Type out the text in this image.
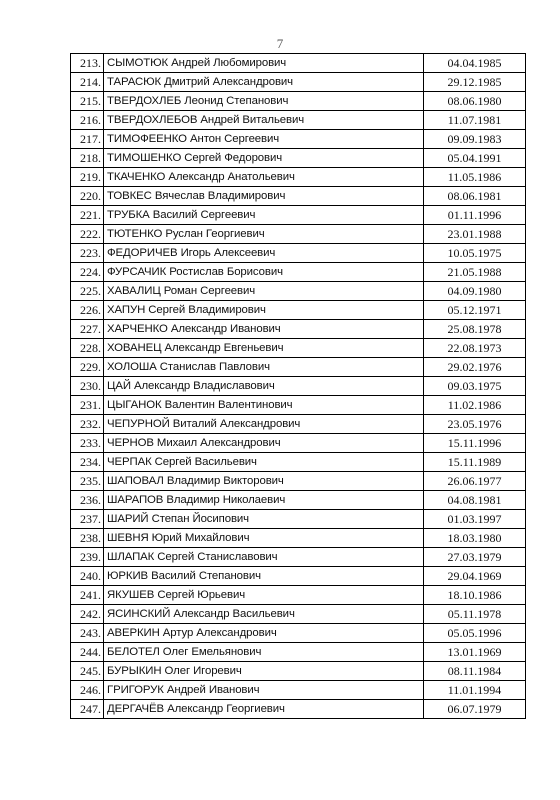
7
213.	СЫМОТЮК Андрей Любомирович	04.04.1985
214.	ТАРАСЮК Дмитрий Александрович	29.12.1985
215.	ТВЕРДОХЛЕБ Леонид Степанович	08.06.1980
216.	ТВЕРДОХЛЕБОВ Андрей Витальевич	11.07.1981
217.	ТИМОФЕЕНКО Антон Сергеевич	09.09.1983
218.	ТИМОШЕНКО Сергей Федорович	05.04.1991
219.	ТКАЧЕНКО Александр Анатольевич	11.05.1986
220.	ТОВКЕС Вячеслав Владимирович	08.06.1981
221.	ТРУБКА Василий Сергеевич	01.11.1996
222.	ТЮТЕНКО Руслан Георгиевич	23.01.1988
223.	ФЕДОРИЧЕВ Игорь Алексеевич	10.05.1975
224.	ФУРСАЧИК Ростислав Борисович	21.05.1988
225.	ХАВАЛИЦ Роман Сергеевич	04.09.1980
226.	ХАПУН Сергей Владимирович	05.12.1971
227.	ХАРЧЕНКО Александр Иванович	25.08.1978
228.	ХОВАНЕЦ Александр Евгеньевич	22.08.1973
229.	ХОЛОША Станислав Павлович	29.02.1976
230.	ЦАЙ Александр Владиславович	09.03.1975
231.	ЦЫГАНОК Валентин Валентинович	11.02.1986
232.	ЧЕПУРНОЙ Виталий Александрович	23.05.1976
233.	ЧЕРНОВ Михаил Александрович	15.11.1996
234.	ЧЕРПАК Сергей Васильевич	15.11.1989
235.	ШАПОВАЛ Владимир Викторович	26.06.1977
236.	ШАРАПОВ Владимир Николаевич	04.08.1981
237.	ШАРИЙ Степан Йосипович	01.03.1997
238.	ШЕВНЯ Юрий Михайлович	18.03.1980
239.	ШЛАПАК Сергей Станиславович	27.03.1979
240.	ЮРКИВ Василий Степанович	29.04.1969
241.	ЯКУШЕВ Сергей Юрьевич	18.10.1986
242.	ЯСИНСКИЙ Александр Васильевич	05.11.1978
243.	АВЕРКИН Артур Александрович	05.05.1996
244.	БЕЛОТЕЛ Олег Емельянович	13.01.1969
245.	БУРЫКИН Олег Игоревич	08.11.1984
246.	ГРИГОРУК Андрей Иванович	11.01.1994
247.	ДЕРГАЧЁВ Александр Георгиевич	06.07.1979
